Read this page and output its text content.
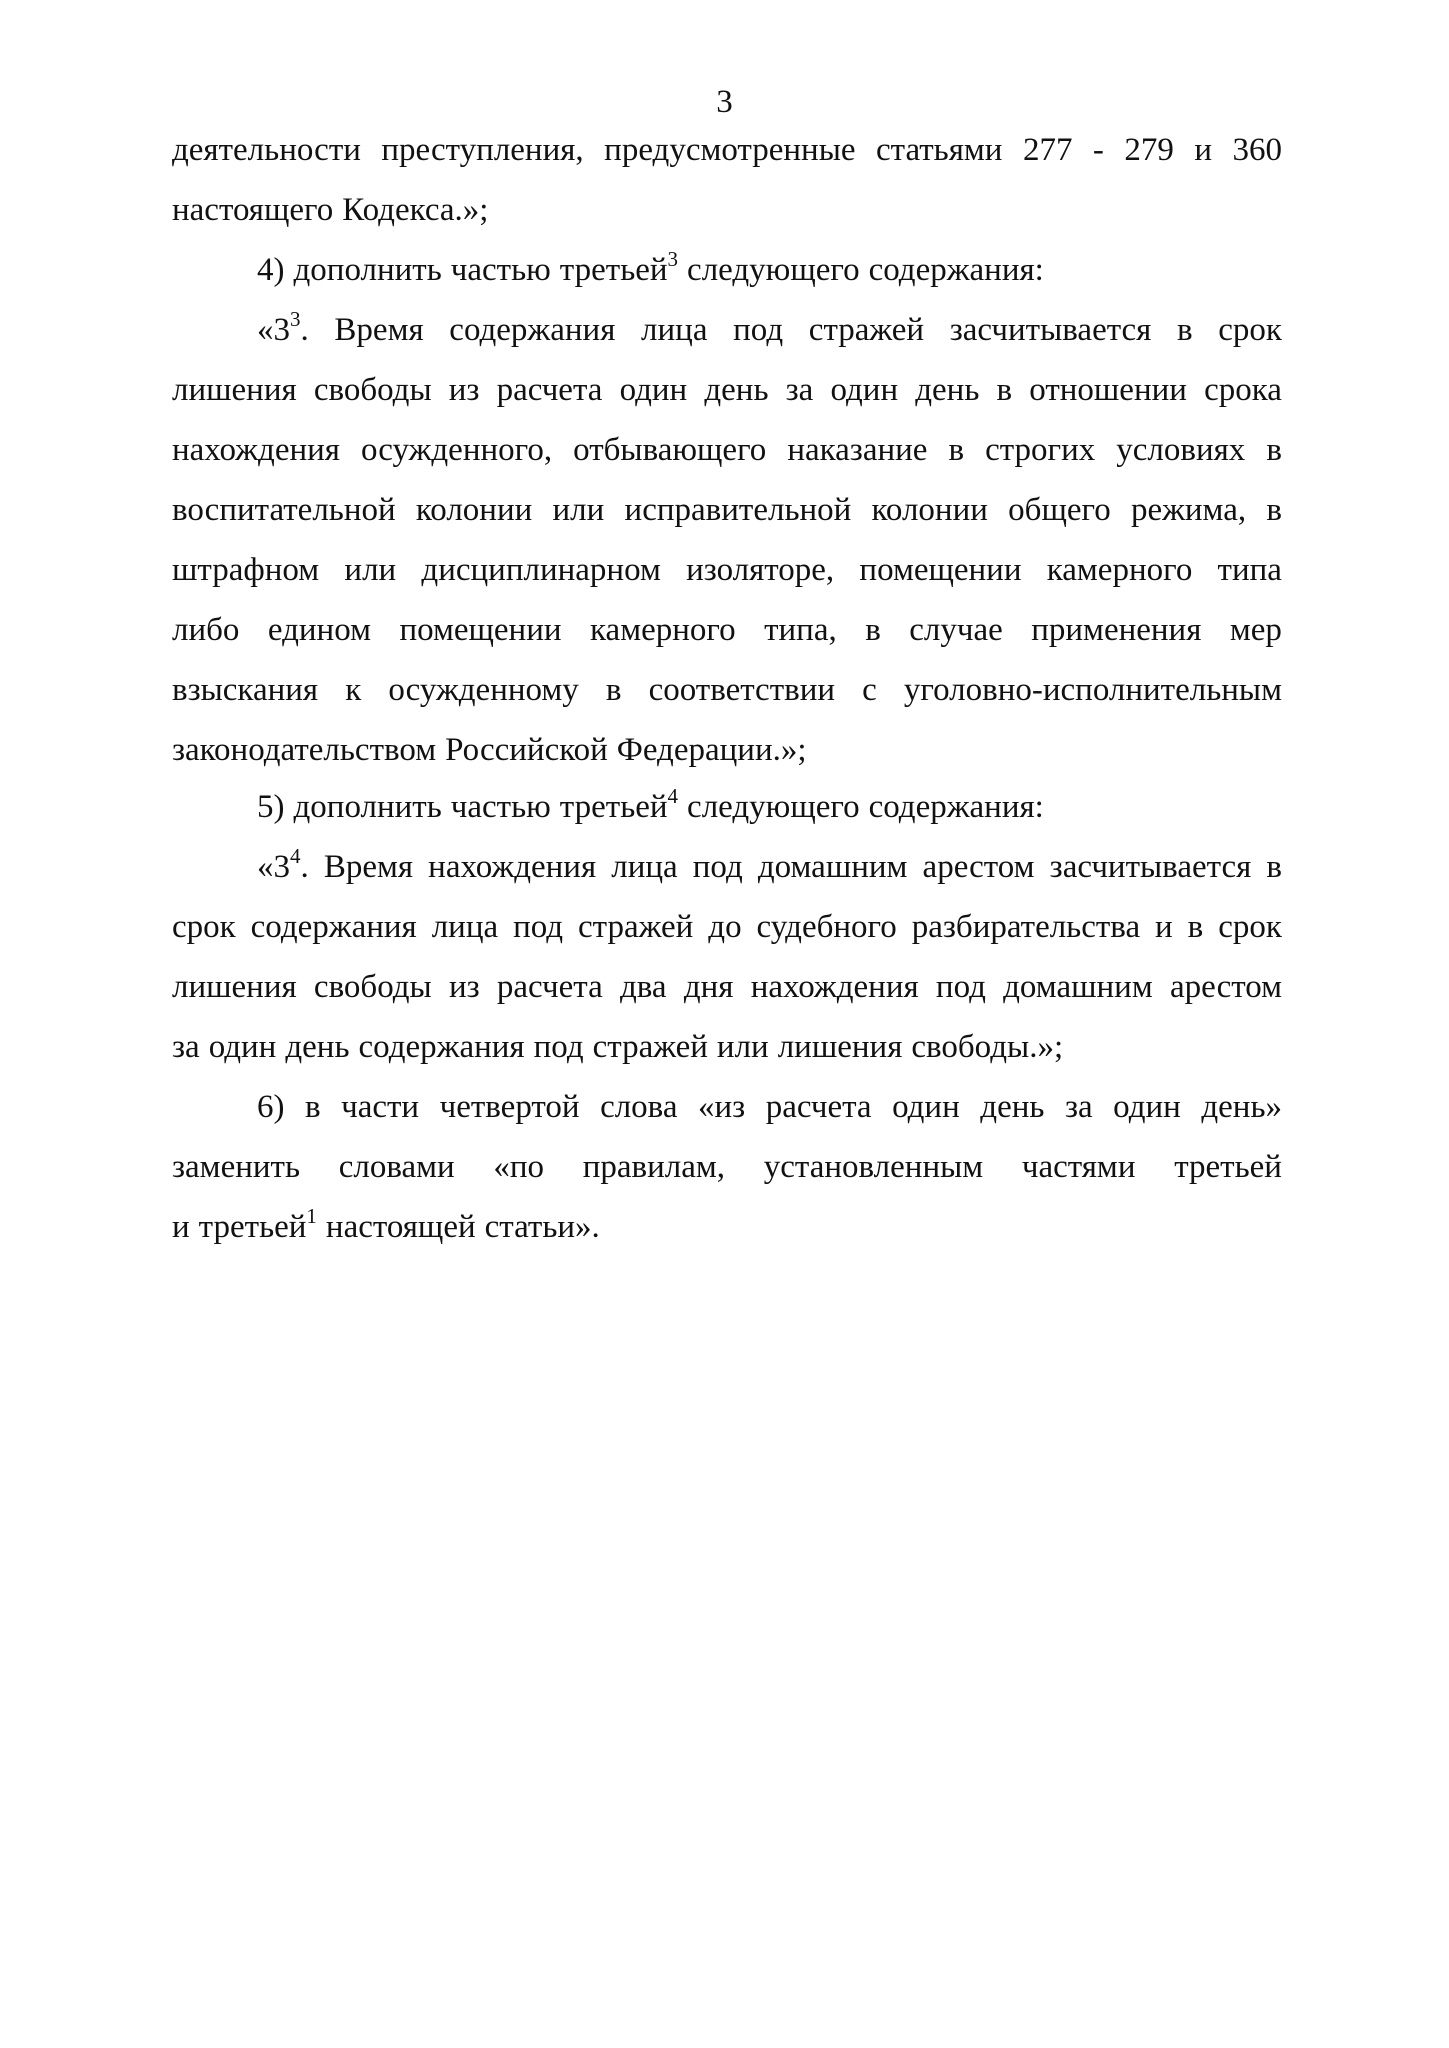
3
деятельности преступления, предусмотренные статьями 277 - 279 и 360
настоящего Кодекса.»;
4) дополнить частью третьей$^3$ следующего содержания:
«$3^3$. Время содержания лица под стражей засчитывается в срок
лишения свободы из расчета один день за один день в отношении срока
нахождения осужденного, отбывающего наказание в строгих условиях в
воспитательной колонии или исправительной колонии общего режима, в
штрафном или дисциплинарном изоляторе, помещении камерного типа
либо едином помещении камерного типа, в случае применения мер
взыскания к осужденному в соответствии с уголовно-исполнительным
законодательством Российской Федерации.»;
5) дополнить частью третьей$^4$ следующего содержания:
«$3^4$. Время нахождения лица под домашним арестом засчитывается в
срок содержания лица под стражей до судебного разбирательства и в срок
лишения свободы из расчета два дня нахождения под домашним арестом
за один день содержания под стражей или лишения свободы.»;
6) в части четвертой слова «из расчета один день за один день»
заменить словами «по правилам, установленным частями третьей
и третьей$^1$ настоящей статьи».
